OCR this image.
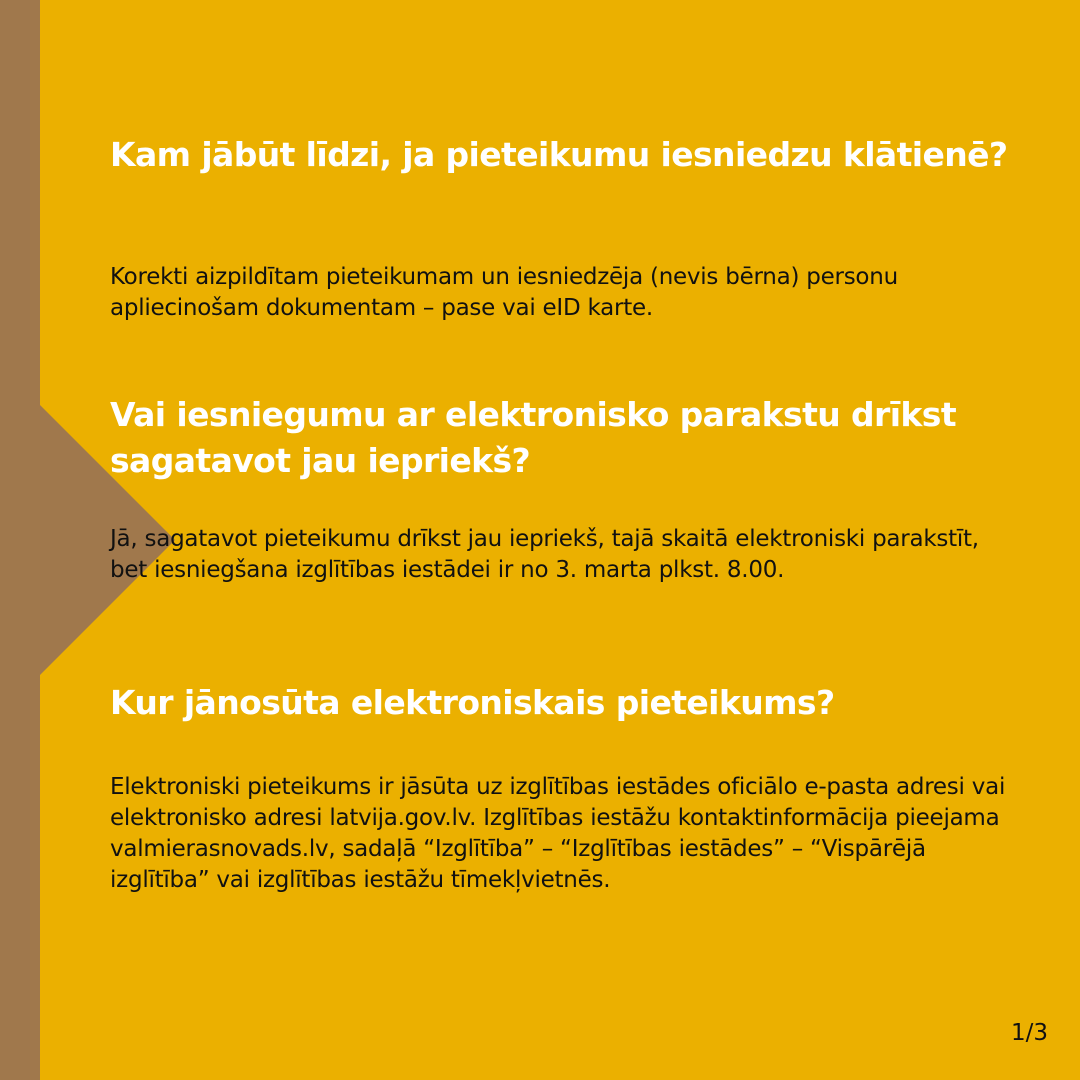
Kam jābūt līdzi, ja pieteikumu iesniedzu klātienē?

Korekti aizpildītam pieteikumam un iesniedzēja (nevis bērna) personu apliecinošam dokumentam – pase vai eID karte.

Vai iesniegumu ar elektronisko parakstu drīkst sagatavot jau iepriekš?

Jā, sagatavot pieteikumu drīkst jau iepriekš, tajā skaitā elektroniski parakstīt, bet iesniegšana izglītības iestādei ir no 3. marta plkst. 8.00.

Kur jānosūta elektroniskais pieteikums?

Elektroniski pieteikums ir jāsūta uz izglītības iestādes oficiālo e-pasta adresi vai elektronisko adresi latvija.gov.lv. Izglītības iestāžu kontaktinformācija pieejama valmierasnovads.lv, sadaļā “Izglītība” – “Izglītības iestādes” – “Vispārējā izglītība” vai izglītības iestāžu tīmekļvietnēs.

1/3
